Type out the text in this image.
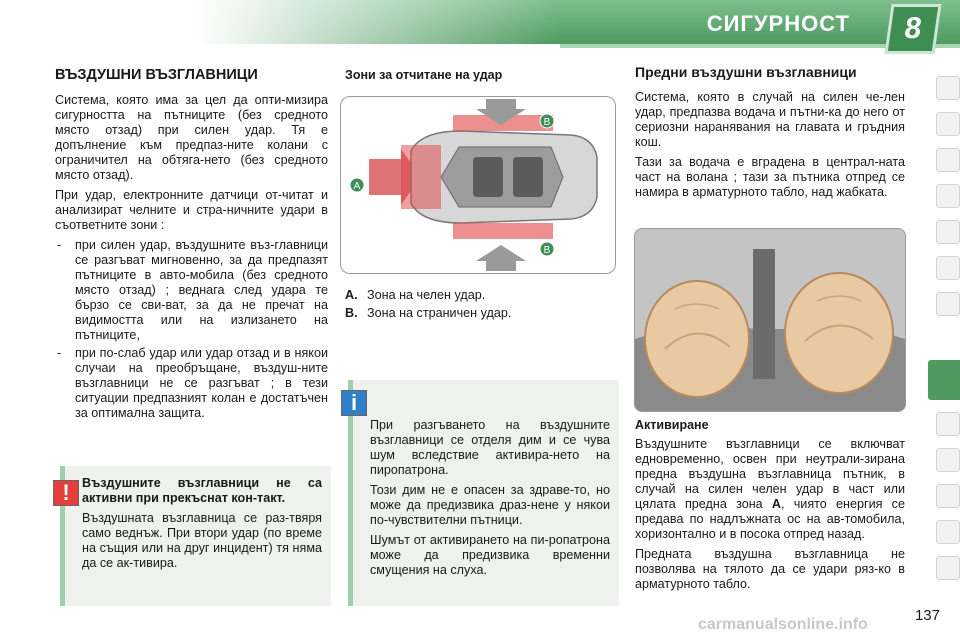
СИГУРНОСТ	8
ВЪЗДУШНИ ВЪЗГЛАВНИЦИ

Система, която има за цел да опти-мизира сигурността на пътниците (без средното място отзад) при силен удар. Тя е допълнение към предпаз-ните колани с ограничител на обтяга-нето (без средното място отзад).

При удар, електронните датчици от-читат и анализират челните и стра-ничните удари в съответните зони :

- при силен удар, въздушните въз-главници се разгъват мигновенно, за да предпазят пътниците в авто-мобила (без средното място отзад) ; веднага след удара те бързо се сви-ват, за да не пречат на видимостта или на излизането на пътниците,
- при по-слаб удар или удар отзад и в някои случаи на преобръщане, въздуш-ните възглавници не се разгъват ; в тези ситуации предпазният колан е достатъчен за оптимална защита.
! Въздушните възглавници не са активни при прекъснат кон-такт.

Въздушната възглавница се раз-твяря само веднъж. При втори удар (по време на същия или на друг инцидент) тя няма да се ак-тивира.

Зони за отчитане на удар
A
B
B
A. Зона на челен удар.
B. Зона на страничен удар.
i

При разгъването на въздушните възглавници се отделя дим и се чува шум вследствие активира-нето на пиропатрона.

Този дим не е опасен за здраве-то, но може да предизвика драз-нене у някои по-чувствителни пътници.

Шумът от активирането на пи-ропатрона може да предизвика временни смущения на слуха.

Предни въздушни възглавници

Система, която в случай на силен че-лен удар, предпазва водача и пътни-ка до него от сериозни наранявания на главата и гръдния кош.

Тази за водача е вградена в централ-ната част на волана ; тази за пътника отпред се намира в арматурното табло, над жабката.

Активиране

Въздушните възглавници се включват едновременно, освен при неутрали-зирана предна въздушна възглавница пътник, в случай на силен челен удар в част или цялата предна зона A, чиято енергия се предава по надлъжната ос на ав-томобила, хоризонтално и в посока отпред назад.

Предната въздушна възглавница не позволява на тялото да се удари ряз-ко в арматурното табло.

137
carmanualsonline.info
